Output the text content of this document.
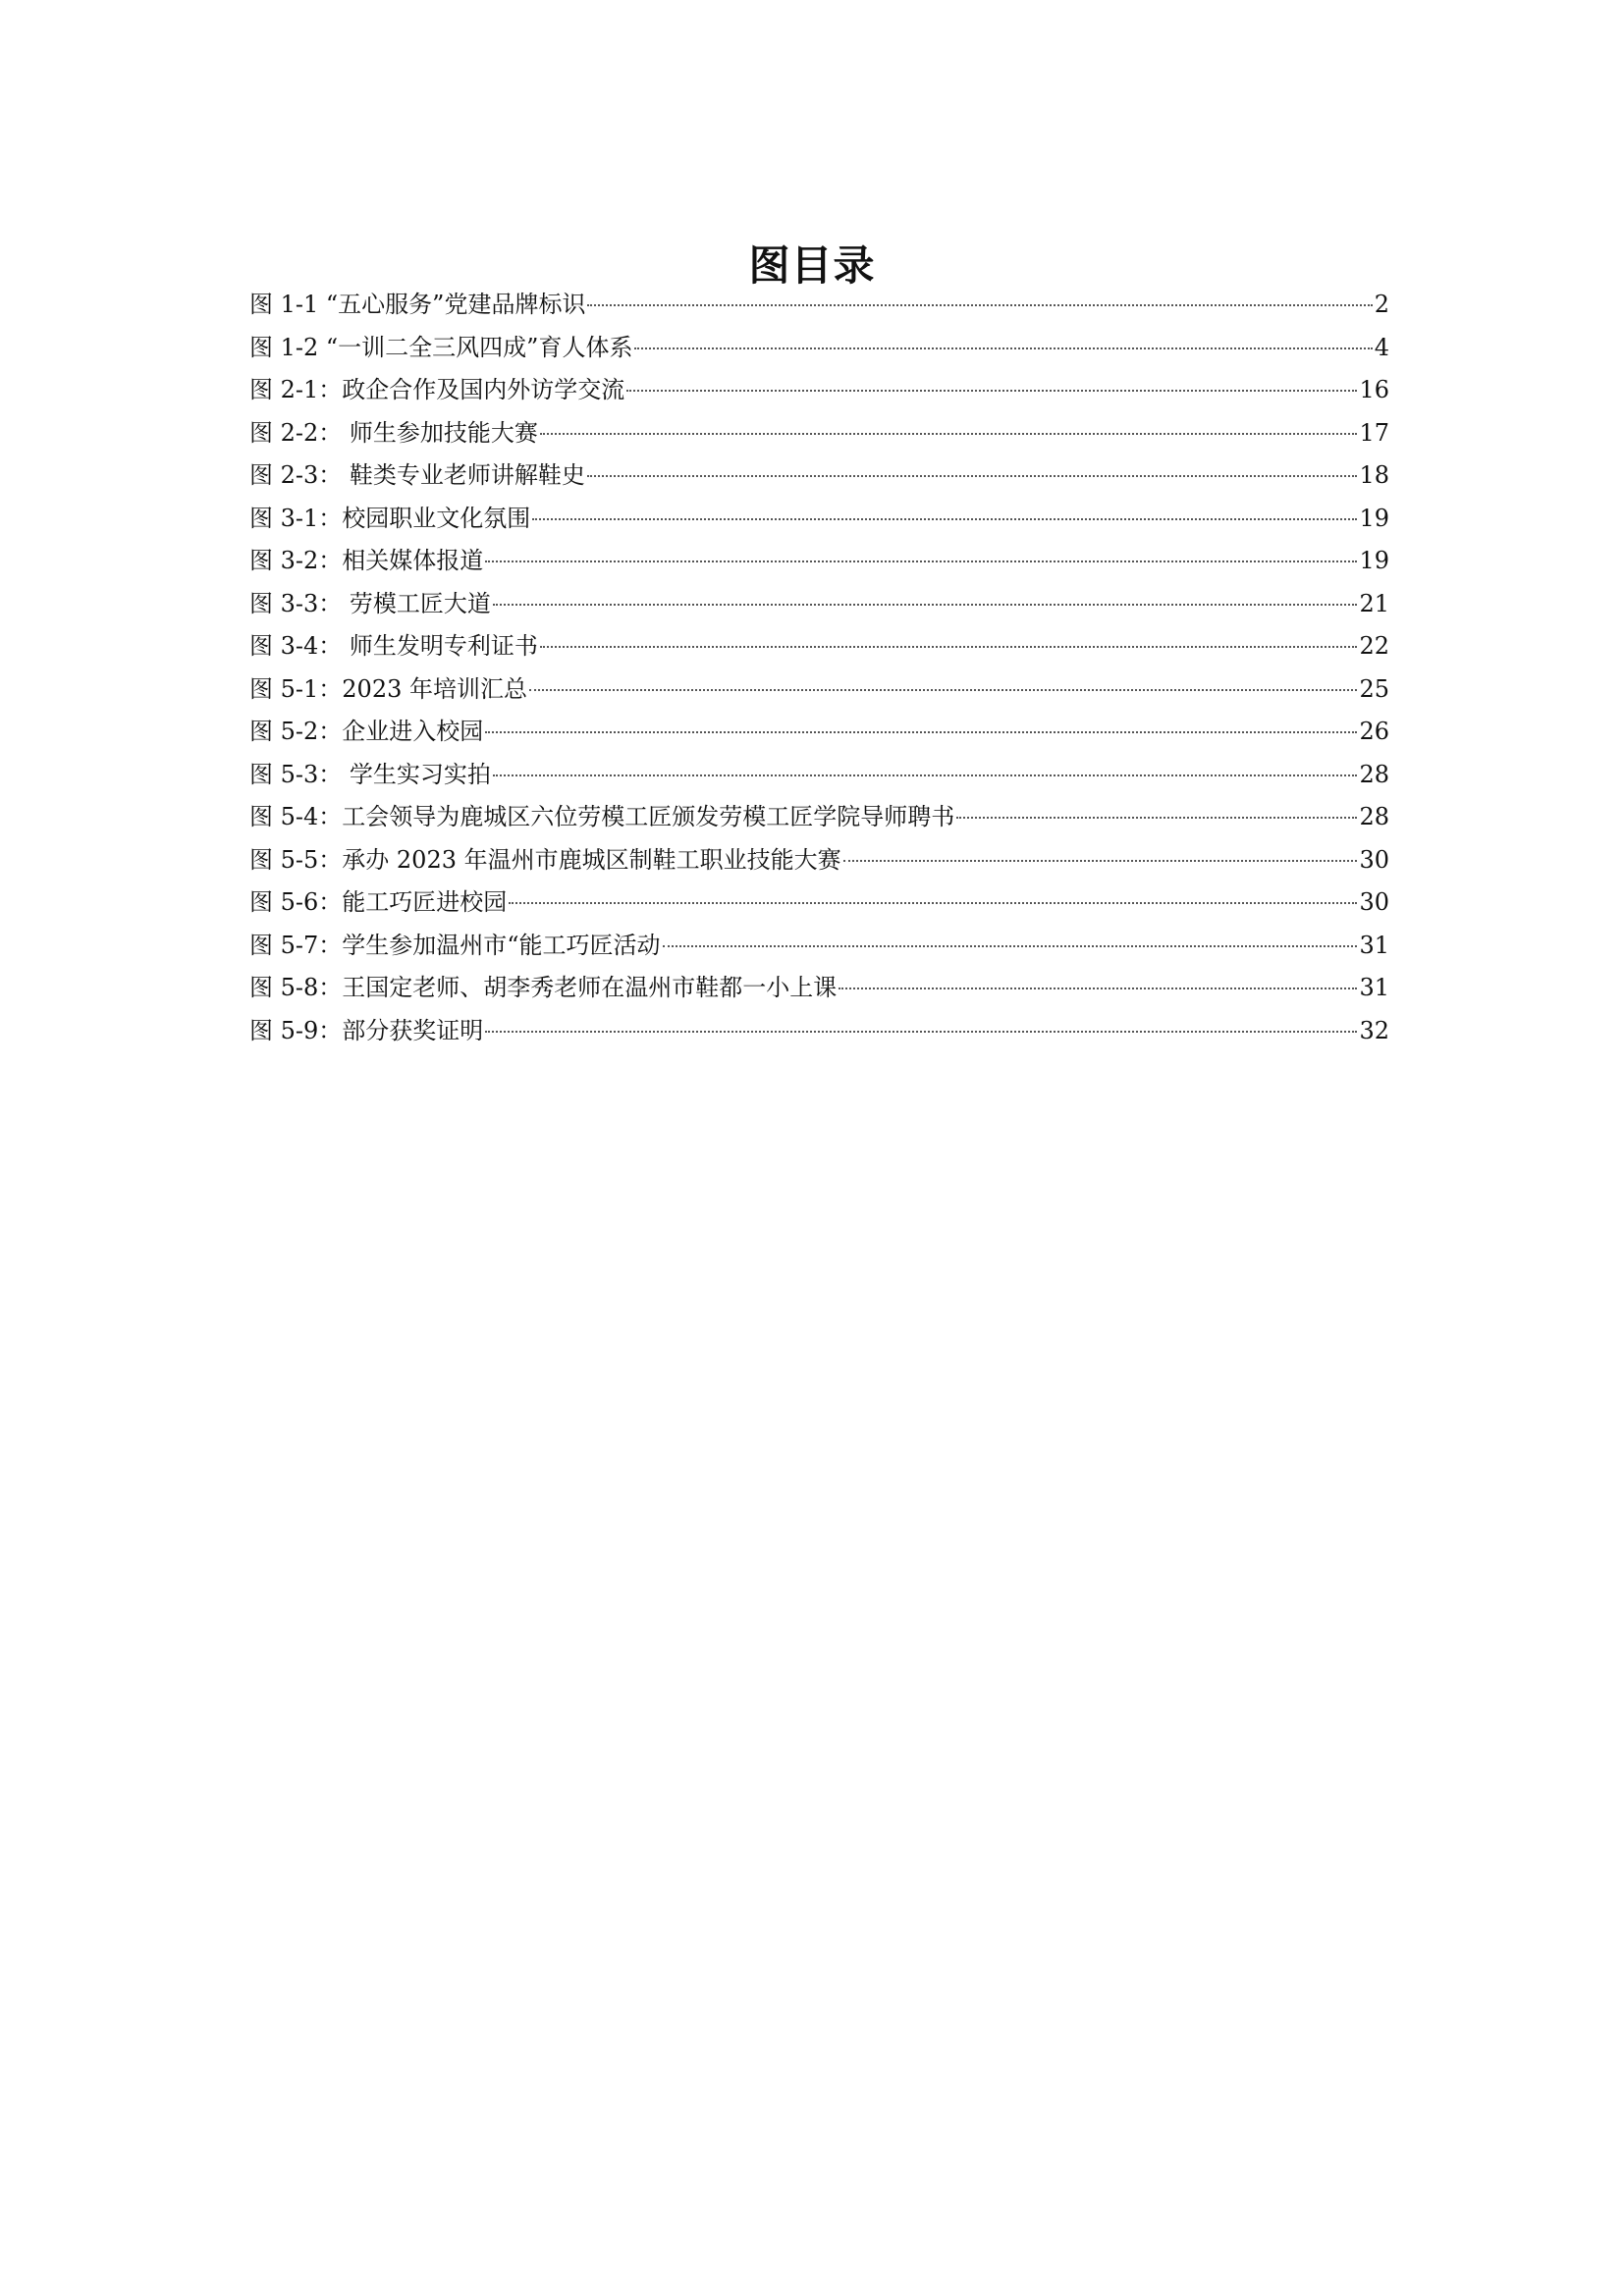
图目录
图 1-1 “五心服务”党建品牌标识	2
图 1-2 “一训二全三风四成”育人体系	4
图 2-1：政企合作及国内外访学交流	16
图 2-2： 师生参加技能大赛	17
图 2-3： 鞋类专业老师讲解鞋史	18
图 3-1：校园职业文化氛围	19
图 3-2：相关媒体报道	19
图 3-3： 劳模工匠大道	21
图 3-4： 师生发明专利证书	22
图 5-1：2023 年培训汇总	25
图 5-2：企业进入校园	26
图 5-3： 学生实习实拍	28
图 5-4：工会领导为鹿城区六位劳模工匠颁发劳模工匠学院导师聘书	28
图 5-5：承办 2023 年温州市鹿城区制鞋工职业技能大赛	30
图 5-6：能工巧匠进校园	30
图 5-7：学生参加温州市“能工巧匠活动	31
图 5-8：王国定老师、胡李秀老师在温州市鞋都一小上课	31
图 5-9：部分获奖证明	32
